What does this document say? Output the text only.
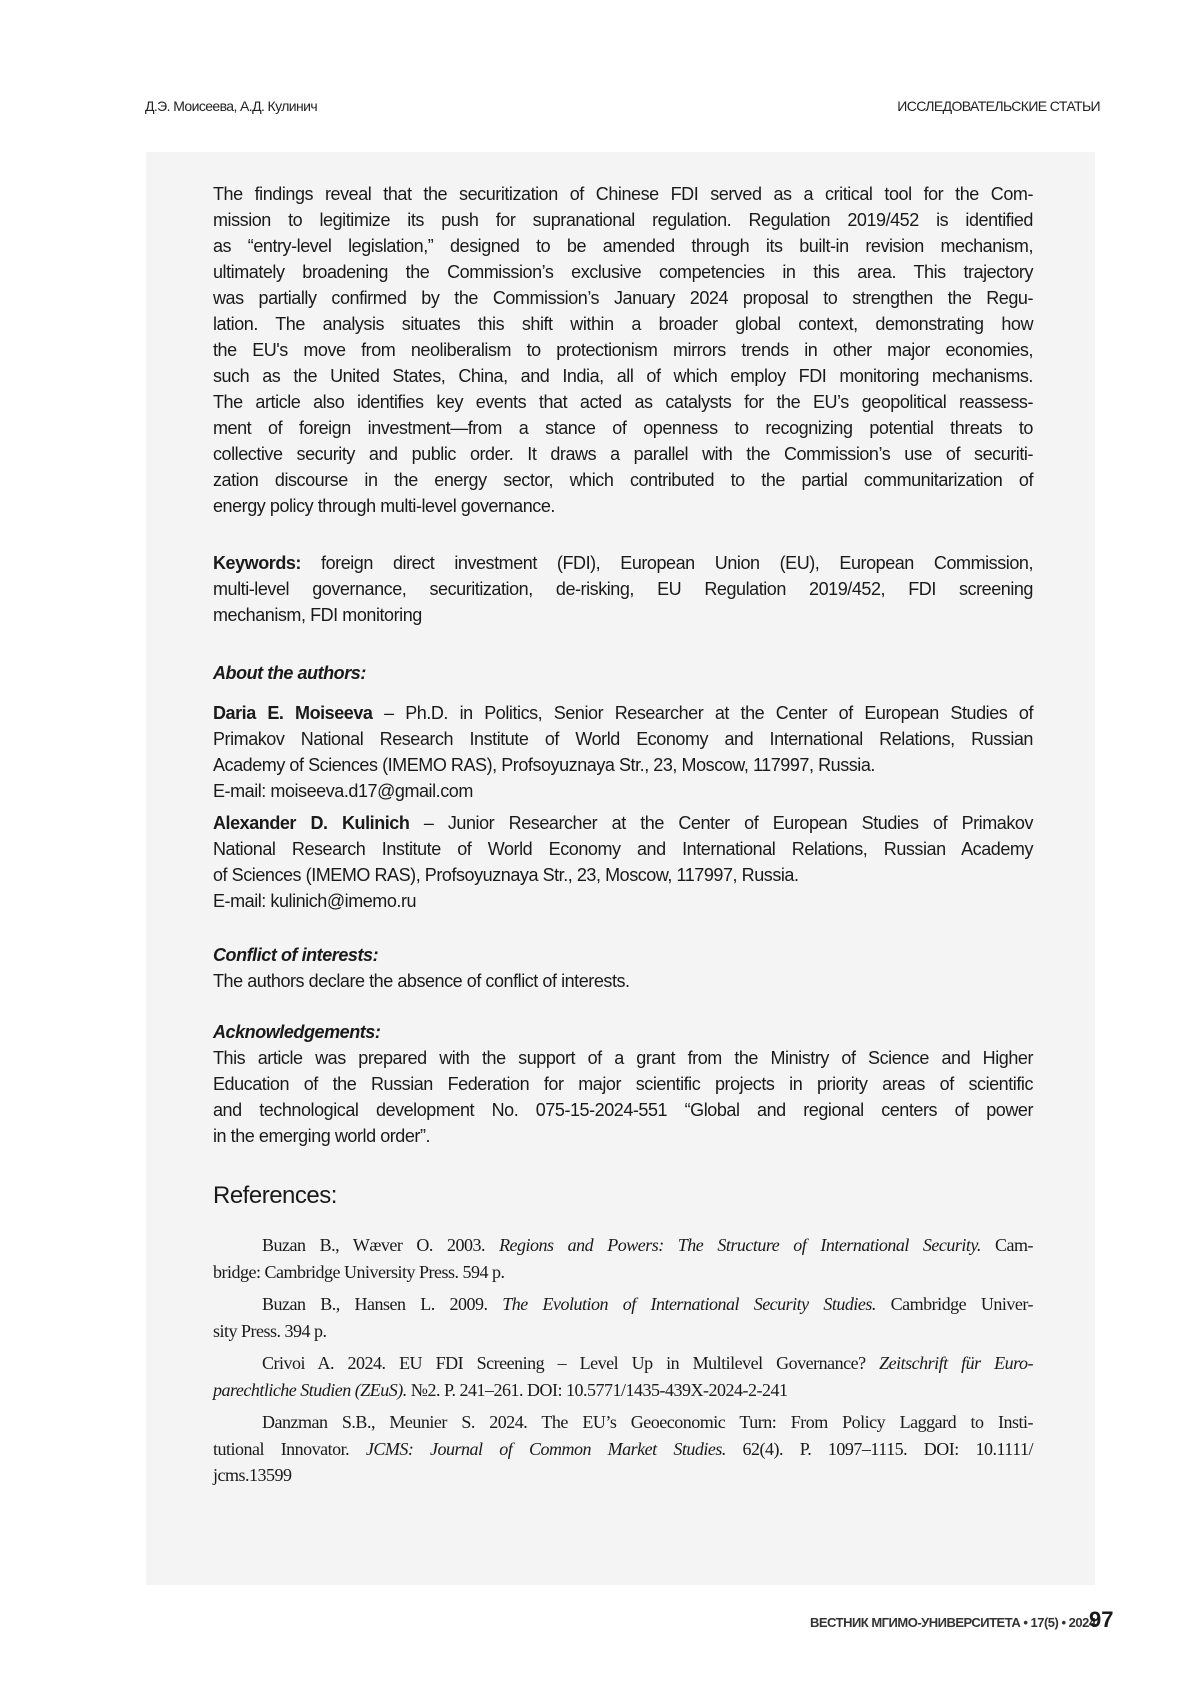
Д.Э. Моисеева, А.Д. Кулинич	ИССЛЕДОВАТЕЛЬСКИЕ СТАТЬИ
The findings reveal that the securitization of Chinese FDI served as a critical tool for the Com-
mission to legitimize its push for supranational regulation. Regulation 2019/452 is identified
as “entry-level legislation,” designed to be amended through its built-in revision mechanism,
ultimately broadening the Commission’s exclusive competencies in this area. This trajectory
was partially confirmed by the Commission’s January 2024 proposal to strengthen the Regu-
lation. The analysis situates this shift within a broader global context, demonstrating how
the EU's move from neoliberalism to protectionism mirrors trends in other major economies,
such as the United States, China, and India, all of which employ FDI monitoring mechanisms.
The article also identifies key events that acted as catalysts for the EU’s geopolitical reassess-
ment of foreign investment—from a stance of openness to recognizing potential threats to
collective security and public order. It draws a parallel with the Commission’s use of securiti-
zation discourse in the energy sector, which contributed to the partial communitarization of
energy policy through multi-level governance.
Keywords: foreign direct investment (FDI), European Union (EU), European Commission,
multi-level governance, securitization, de-risking, EU Regulation 2019/452, FDI screening
mechanism, FDI monitoring
About the authors:
Daria E. Moiseeva – Ph.D. in Politics, Senior Researcher at the Center of European Studies of
Primakov National Research Institute of World Economy and International Relations, Russian
Academy of Sciences (IMEMO RAS), Profsoyuznaya Str., 23, Moscow, 117997, Russia.
E-mail: moiseeva.d17@gmail.com
Alexander D. Kulinich – Junior Researcher at the Center of European Studies of Primakov
National Research Institute of World Economy and International Relations, Russian Academy
of Sciences (IMEMO RAS), Profsoyuznaya Str., 23, Moscow, 117997, Russia.
E-mail: kulinich@imemo.ru
Conflict of interests:
The authors declare the absence of conflict of interests.
Acknowledgements:
This article was prepared with the support of a grant from the Ministry of Science and Higher
Education of the Russian Federation for major scientific projects in priority areas of scientific
and technological development No. 075-15-2024-551 “Global and regional centers of power
in the emerging world order”.
References:
Buzan B., Wæver O. 2003. Regions and Powers: The Structure of International Security. Cam-
bridge: Cambridge University Press. 594 p.
Buzan B., Hansen L. 2009. The Evolution of International Security Studies. Cambridge Univer-
sity Press. 394 p.
Crivoi A. 2024. EU FDI Screening – Level Up in Multilevel Governance? Zeitschrift für Euro-
parechtliche Studien (ZEuS). №2. P. 241–261. DOI: 10.5771/1435-439X-2024-2-241
Danzman S.B., Meunier S. 2024. The EU’s Geoeconomic Turn: From Policy Laggard to Insti-
tutional Innovator. JCMS: Journal of Common Market Studies. 62(4). P. 1097–1115. DOI: 10.1111/
jcms.13599
ВЕСТНИК МГИМО-УНИВЕРСИТЕТА • 17(5) • 2024
97
